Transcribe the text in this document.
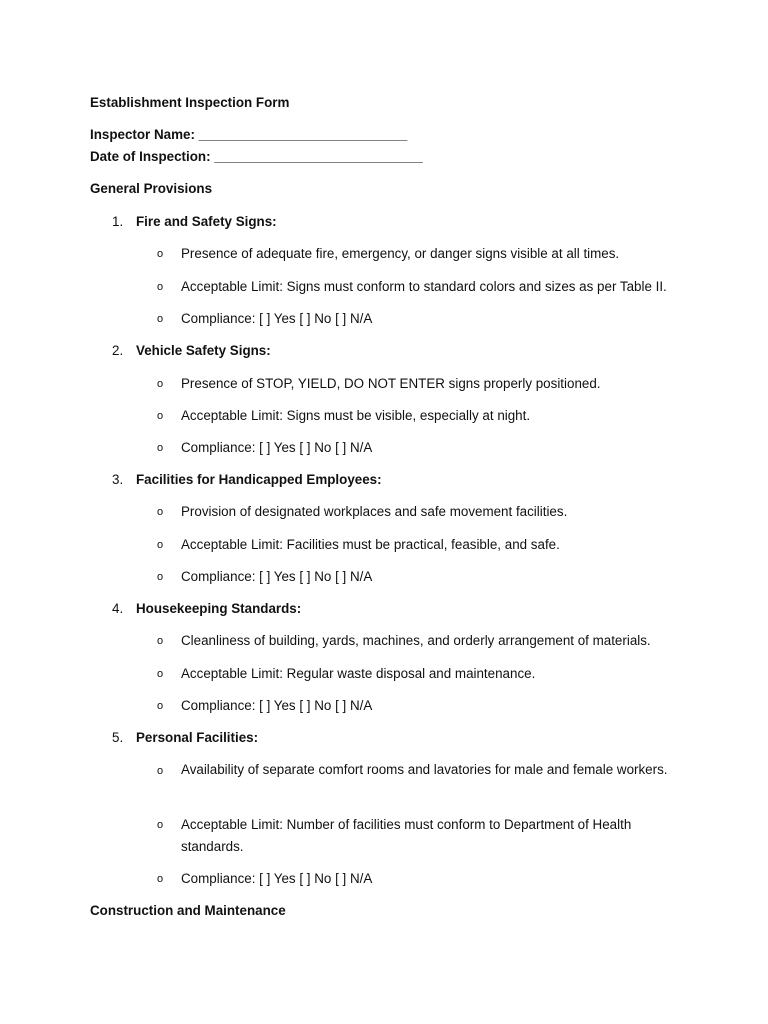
Establishment Inspection Form
Inspector Name: ____________________________
Date of Inspection: ____________________________
General Provisions
1. Fire and Safety Signs:
o Presence of adequate fire, emergency, or danger signs visible at all times.
o Acceptable Limit: Signs must conform to standard colors and sizes as per Table II.
o Compliance: [ ] Yes [ ] No [ ] N/A
2. Vehicle Safety Signs:
o Presence of STOP, YIELD, DO NOT ENTER signs properly positioned.
o Acceptable Limit: Signs must be visible, especially at night.
o Compliance: [ ] Yes [ ] No [ ] N/A
3. Facilities for Handicapped Employees:
o Provision of designated workplaces and safe movement facilities.
o Acceptable Limit: Facilities must be practical, feasible, and safe.
o Compliance: [ ] Yes [ ] No [ ] N/A
4. Housekeeping Standards:
o Cleanliness of building, yards, machines, and orderly arrangement of materials.
o Acceptable Limit: Regular waste disposal and maintenance.
o Compliance: [ ] Yes [ ] No [ ] N/A
5. Personal Facilities:
o Availability of separate comfort rooms and lavatories for male and female workers.
o Acceptable Limit: Number of facilities must conform to Department of Health standards.
o Compliance: [ ] Yes [ ] No [ ] N/A
Construction and Maintenance
